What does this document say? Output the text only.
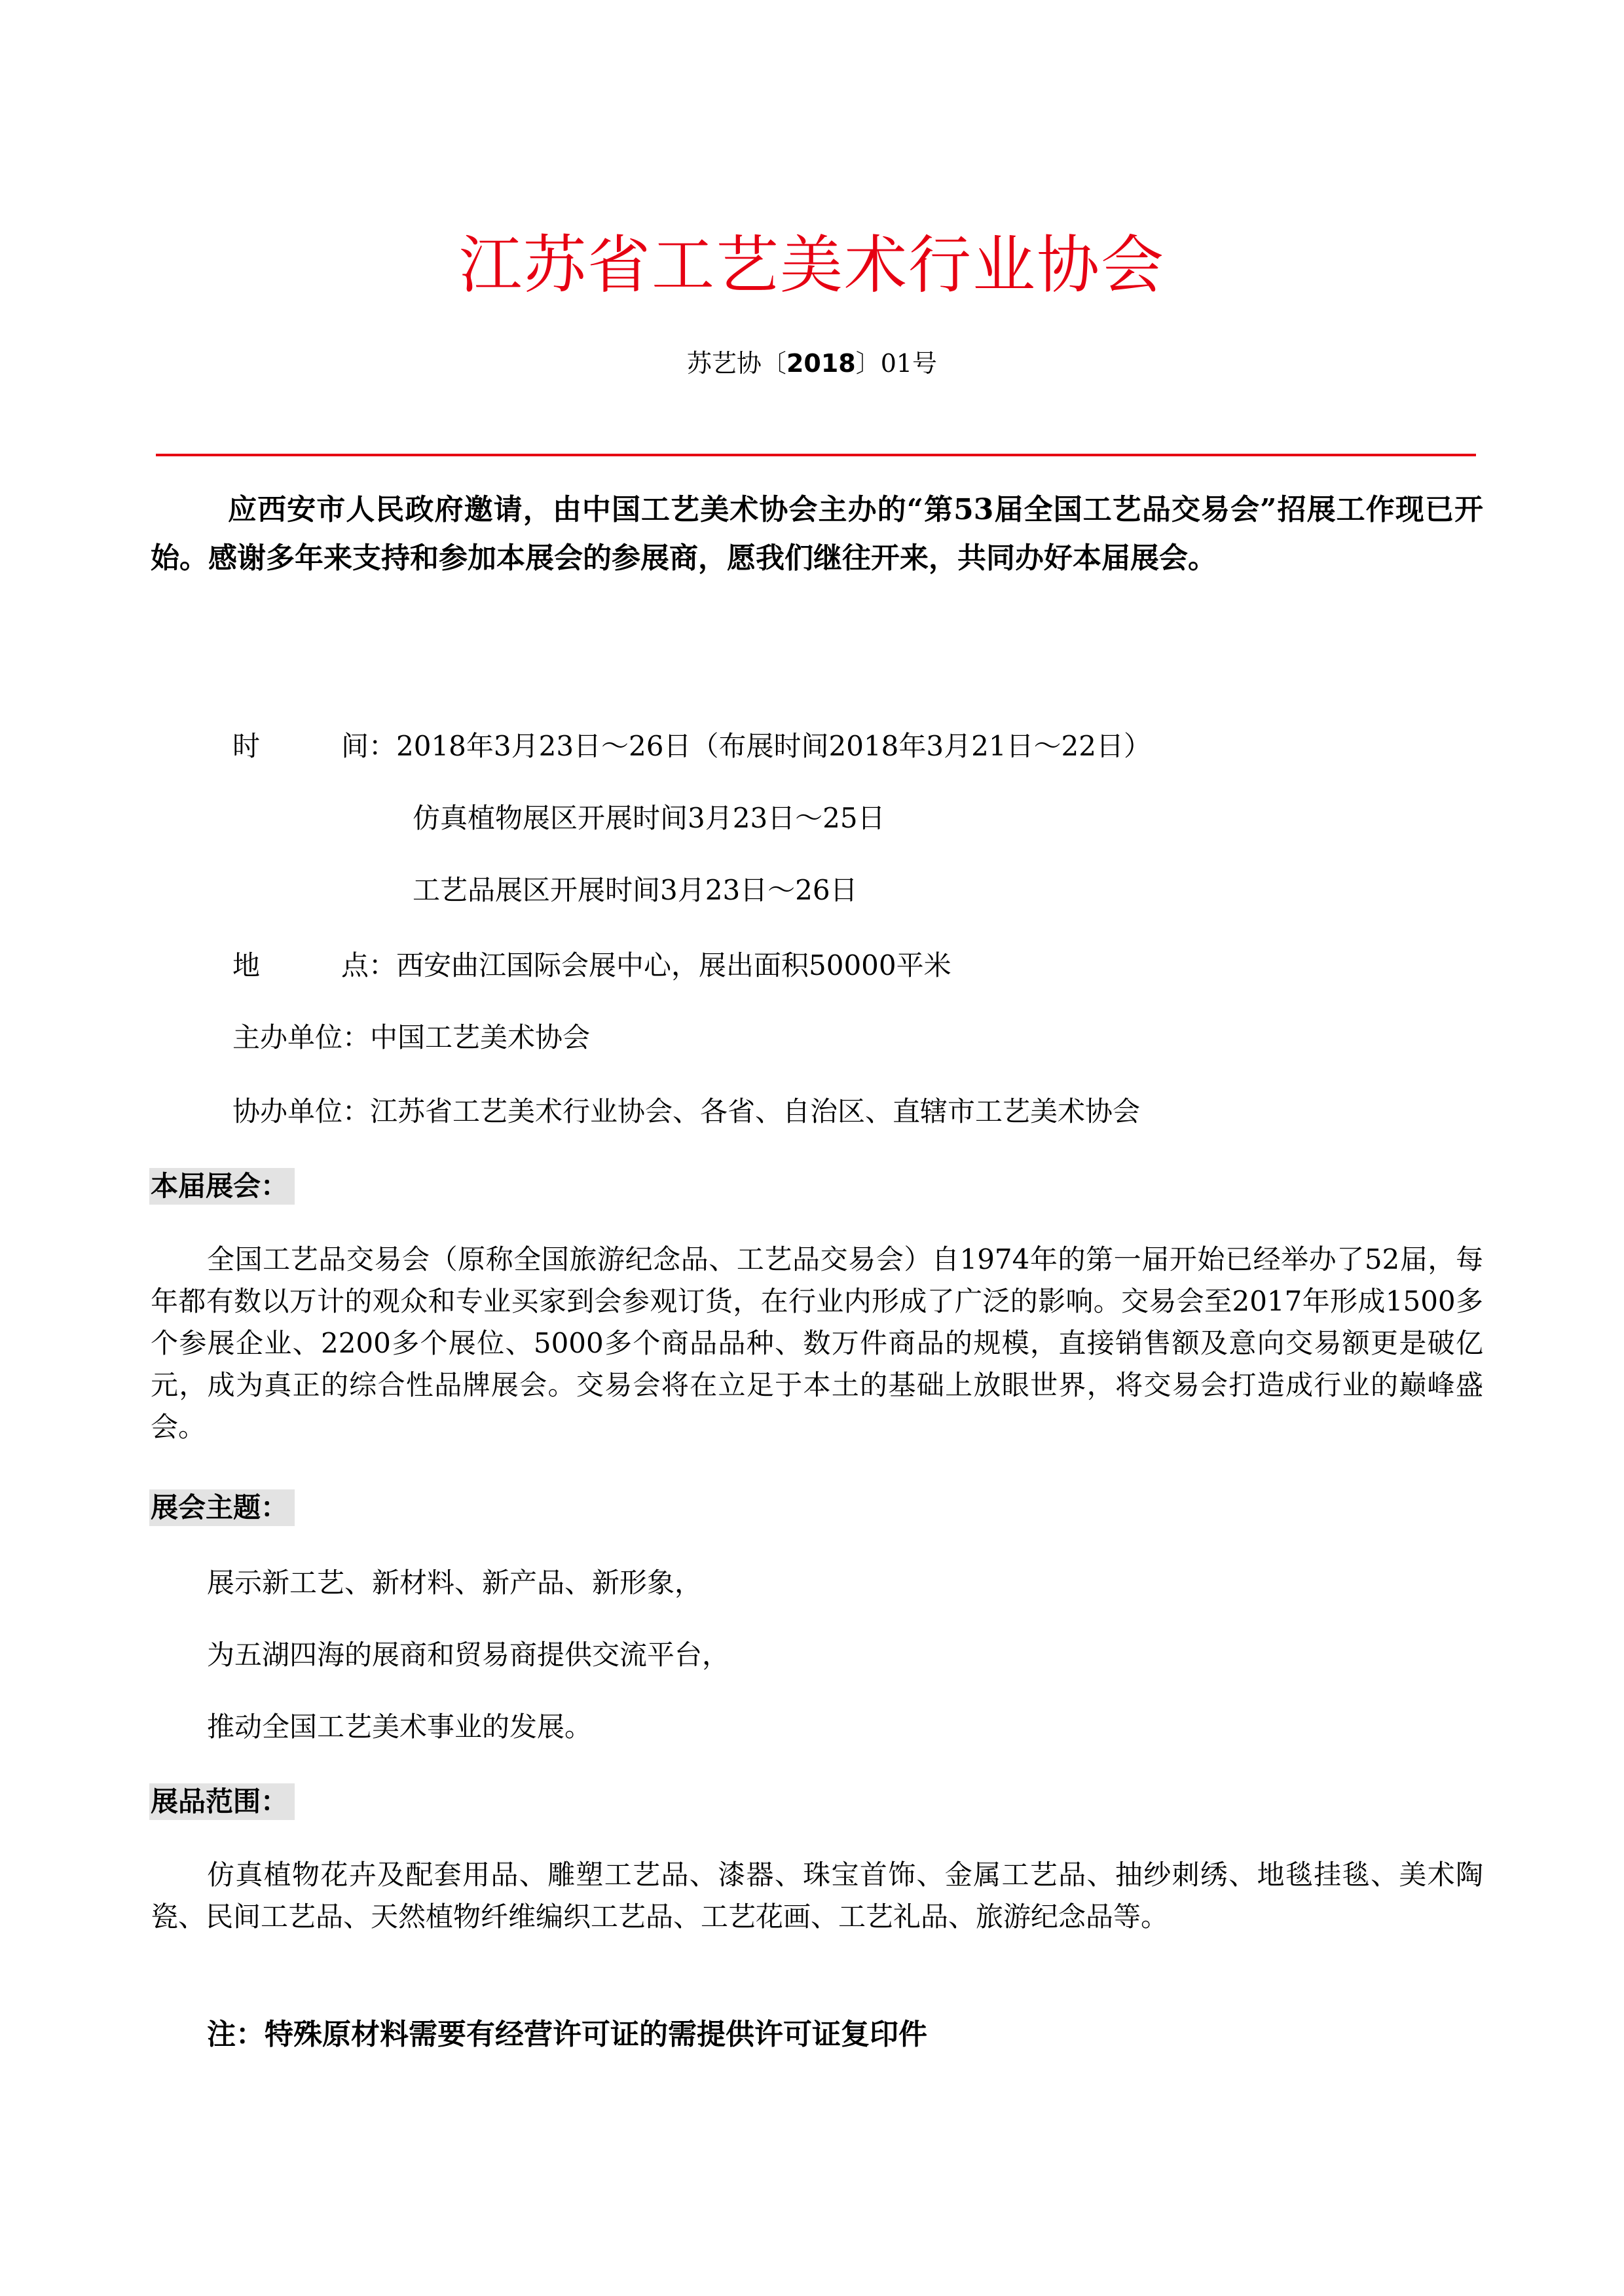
江苏省工艺美术行业协会
苏艺协〔2018〕01号
应西安市人民政府邀请，由中国工艺美术协会主办的“第53届全国工艺品交易会”招展工作现已开始。感谢多年来支持和参加本展会的参展商，愿我们继往开来，共同办好本届展会。
时	间： 2018年3月23日～26日（布展时间2018年3月21日～22日）
仿真植物展区开展时间3月23日～25日
工艺品展区开展时间3月23日～26日
地	点： 西安曲江国际会展中心，展出面积50000平米
主办单位：中国工艺美术协会
协办单位：江苏省工艺美术行业协会、各省、自治区、直辖市工艺美术协会
本届展会：
全国工艺品交易会（原称全国旅游纪念品、工艺品交易会）自1974年的第一届开始已经举办了52届，每年都有数以万计的观众和专业买家到会参观订货，在行业内形成了广泛的影响。交易会至2017年形成1500多个参展企业、2200多个展位、5000多个商品品种、数万件商品的规模，直接销售额及意向交易额更是破亿元，成为真正的综合性品牌展会。交易会将在立足于本土的基础上放眼世界，将交易会打造成行业的巅峰盛会。
展会主题：
展示新工艺、新材料、新产品、新形象，
为五湖四海的展商和贸易商提供交流平台，
推动全国工艺美术事业的发展。
展品范围：
仿真植物花卉及配套用品、雕塑工艺品、漆器、珠宝首饰、金属工艺品、抽纱刺绣、地毯挂毯、美术陶瓷、民间工艺品、天然植物纤维编织工艺品、工艺花画、工艺礼品、旅游纪念品等。
注：特殊原材料需要有经营许可证的需提供许可证复印件
